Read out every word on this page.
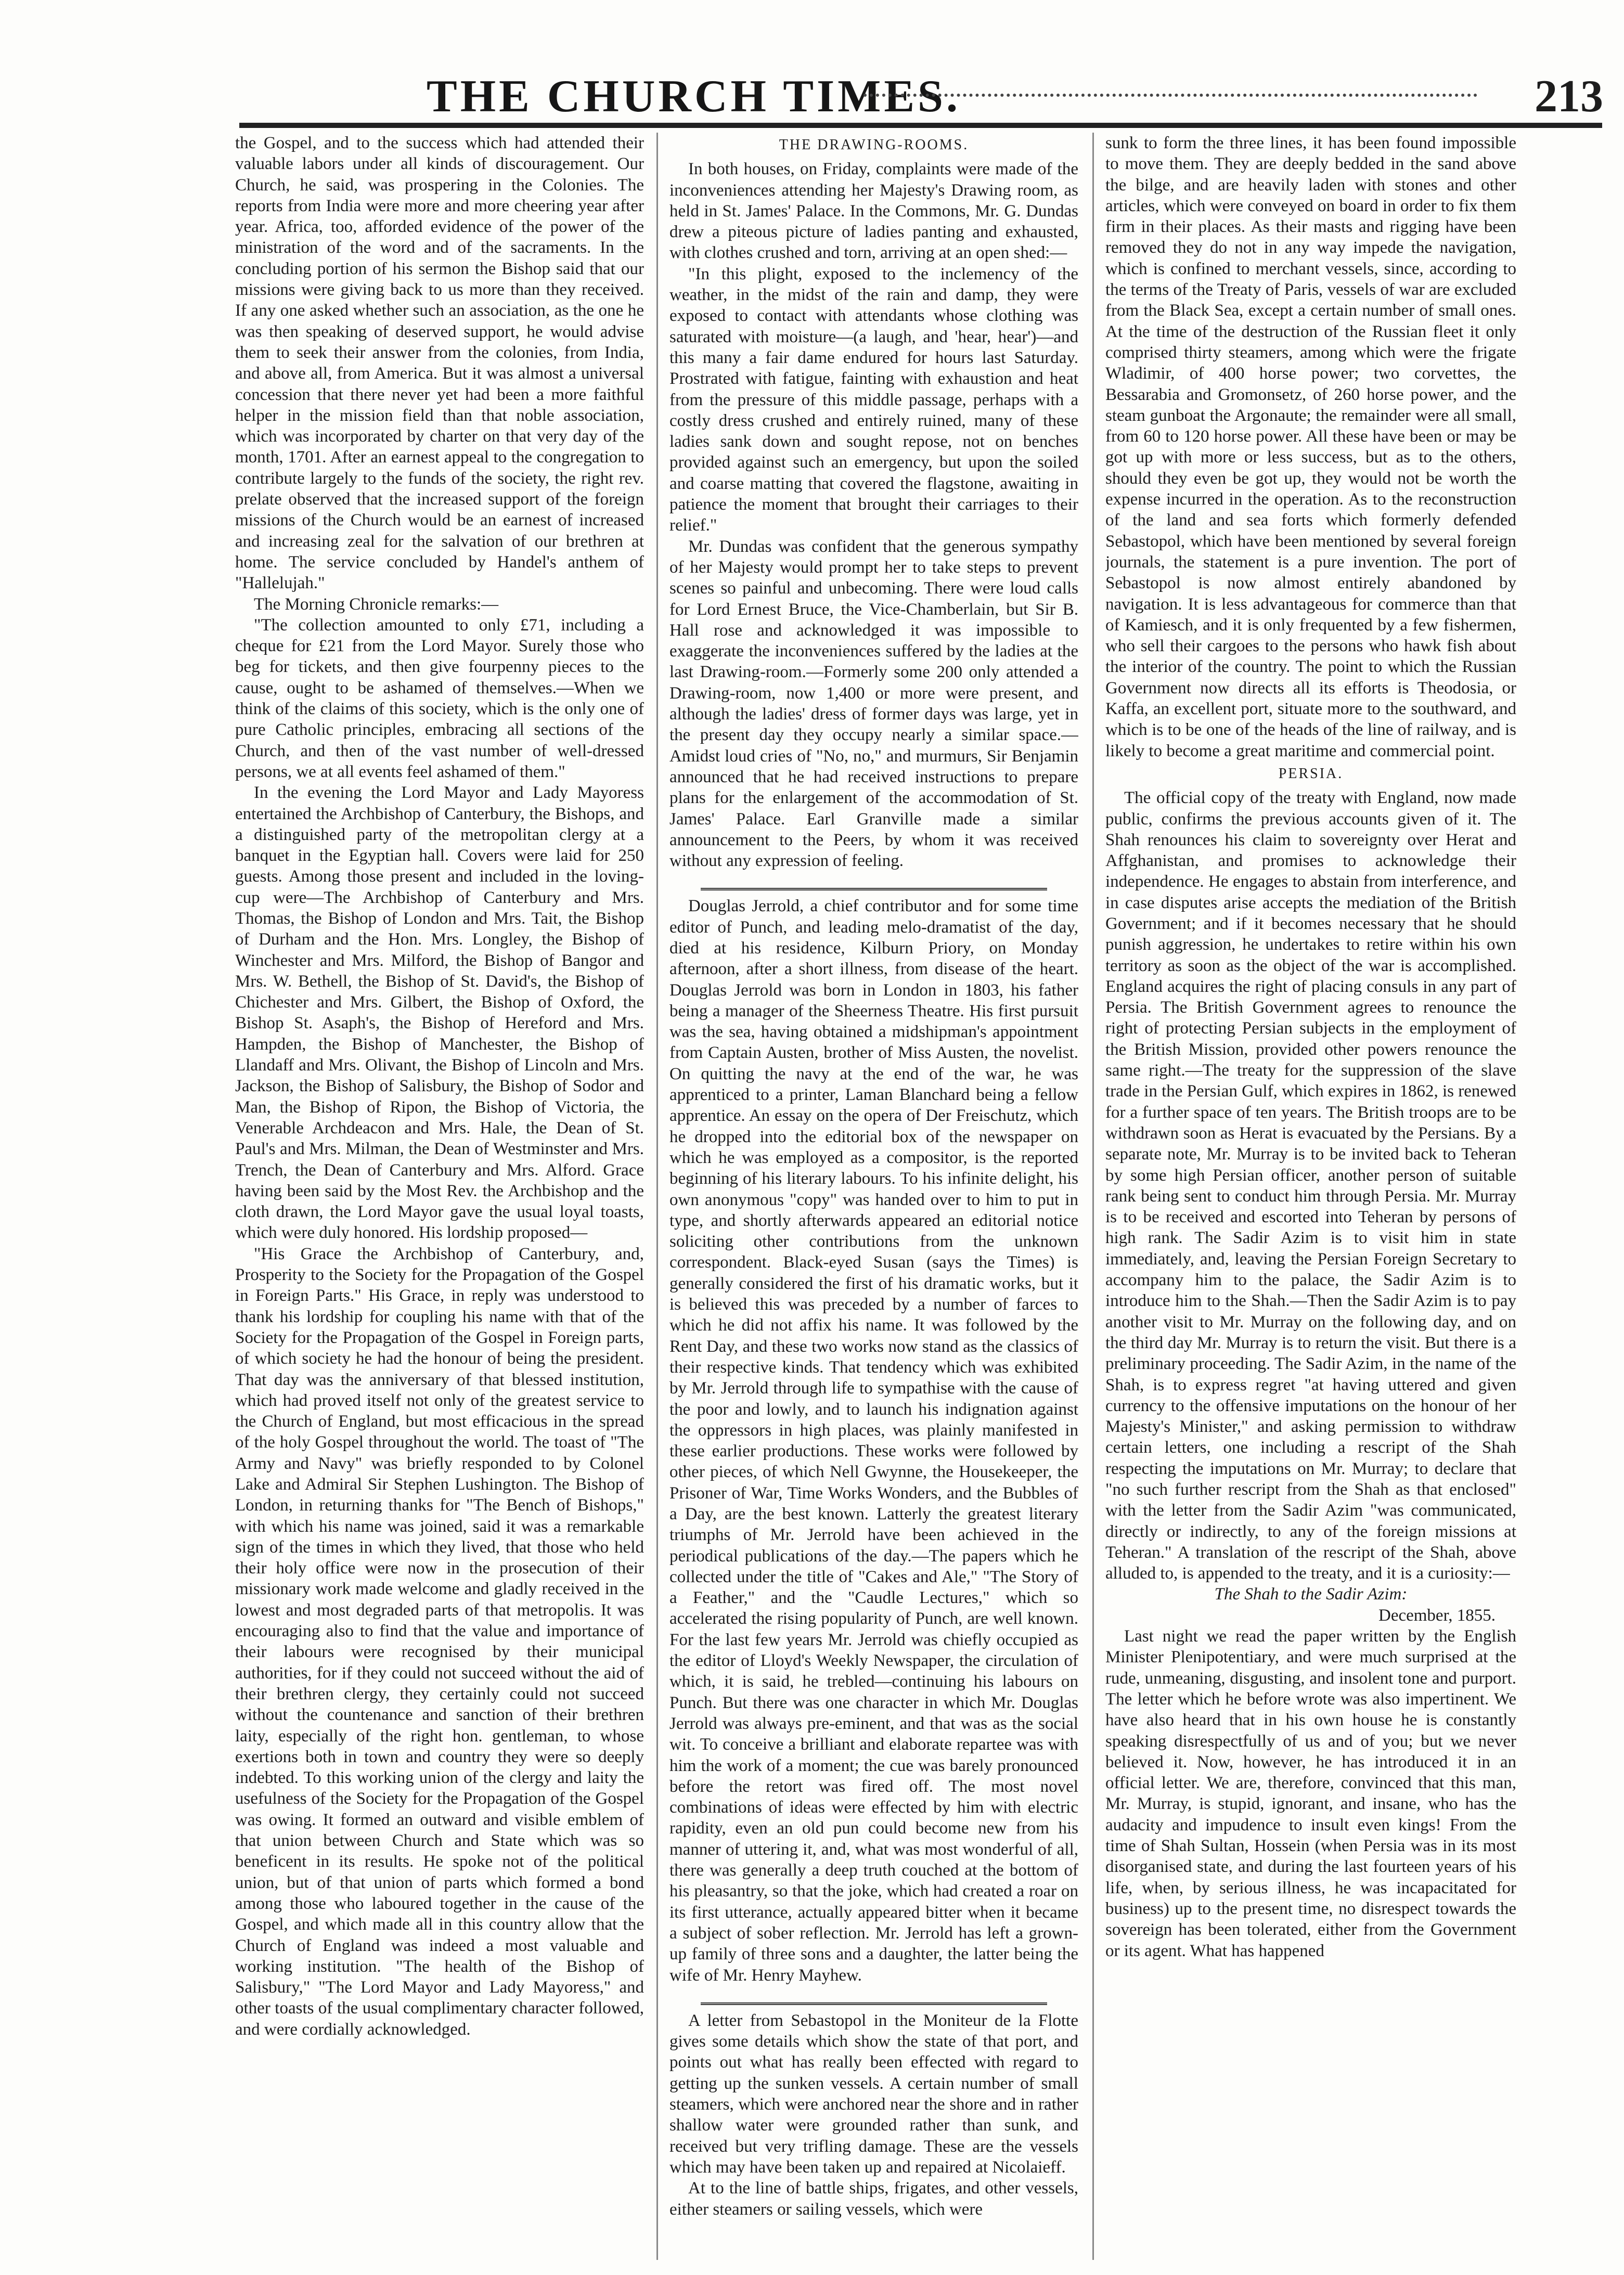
THE CHURCH TIMES.	213

the Gospel, and to the success which had attended their valuable labors under all kinds of discouragement. Our Church, he said, was prospering in the Colonies. The reports from India were more and more cheering year after year. Africa, too, afforded evidence of the power of the ministration of the word and of the sacraments. In the concluding portion of his sermon the Bishop said that our missions were giving back to us more than they received. If any one asked whether such an association, as the one he was then speaking of deserved support, he would advise them to seek their answer from the colonies, from India, and above all, from America. But it was almost a universal concession that there never yet had been a more faithful helper in the mission field than that noble association, which was incorporated by charter on that very day of the month, 1701. After an earnest appeal to the congregation to contribute largely to the funds of the society, the right rev. prelate observed that the increased support of the foreign missions of the Church would be an earnest of increased and increasing zeal for the salvation of our brethren at home. The service concluded by Handel's anthem of "Hallelujah."

The Morning Chronicle remarks:—

"The collection amounted to only £71, including a cheque for £21 from the Lord Mayor. Surely those who beg for tickets, and then give fourpenny pieces to the cause, ought to be ashamed of themselves.—When we think of the claims of this society, which is the only one of pure Catholic principles, embracing all sections of the Church, and then of the vast number of well-dressed persons, we at all events feel ashamed of them."

In the evening the Lord Mayor and Lady Mayoress entertained the Archbishop of Canterbury, the Bishops, and a distinguished party of the metropolitan clergy at a banquet in the Egyptian hall. Covers were laid for 250 guests. Among those present and included in the loving-cup were—The Archbishop of Canterbury and Mrs. Thomas, the Bishop of London and Mrs. Tait, the Bishop of Durham and the Hon. Mrs. Longley, the Bishop of Winchester and Mrs. Milford, the Bishop of Bangor and Mrs. W. Bethell, the Bishop of St. David's, the Bishop of Chichester and Mrs. Gilbert, the Bishop of Oxford, the Bishop St. Asaph's, the Bishop of Hereford and Mrs. Hampden, the Bishop of Manchester, the Bishop of Llandaff and Mrs. Olivant, the Bishop of Lincoln and Mrs. Jackson, the Bishop of Salisbury, the Bishop of Sodor and Man, the Bishop of Ripon, the Bishop of Victoria, the Venerable Archdeacon and Mrs. Hale, the Dean of St. Paul's and Mrs. Milman, the Dean of Westminster and Mrs. Trench, the Dean of Canterbury and Mrs. Alford. Grace having been said by the Most Rev. the Archbishop and the cloth drawn, the Lord Mayor gave the usual loyal toasts, which were duly honored. His lordship proposed—

"His Grace the Archbishop of Canterbury, and, Prosperity to the Society for the Propagation of the Gospel in Foreign Parts." His Grace, in reply was understood to thank his lordship for coupling his name with that of the Society for the Propagation of the Gospel in Foreign parts, of which society he had the honour of being the president. That day was the anniversary of that blessed institution, which had proved itself not only of the greatest service to the Church of England, but most efficacious in the spread of the holy Gospel throughout the world. The toast of "The Army and Navy" was briefly responded to by Colonel Lake and Admiral Sir Stephen Lushington. The Bishop of London, in returning thanks for "The Bench of Bishops," with which his name was joined, said it was a remarkable sign of the times in which they lived, that those who held their holy office were now in the prosecution of their missionary work made welcome and gladly received in the lowest and most degraded parts of that metropolis. It was encouraging also to find that the value and importance of their labours were recognised by their municipal authorities, for if they could not succeed without the aid of their brethren clergy, they certainly could not succeed without the countenance and sanction of their brethren laity, especially of the right hon. gentleman, to whose exertions both in town and country they were so deeply indebted. To this working union of the clergy and laity the usefulness of the Society for the Propagation of the Gospel was owing. It formed an outward and visible emblem of that union between Church and State which was so beneficent in its results. He spoke not of the political union, but of that union of parts which formed a bond among those who laboured together in the cause of the Gospel, and which made all in this country allow that the Church of England was indeed a most valuable and working institution. "The health of the Bishop of Salisbury," "The Lord Mayor and Lady Mayoress," and other toasts of the usual complimentary character followed, and were cordially acknowledged.

THE DRAWING-ROOMS.

In both houses, on Friday, complaints were made of the inconveniences attending her Majesty's Drawing room, as held in St. James' Palace. In the Commons, Mr. G. Dundas drew a piteous picture of ladies panting and exhausted, with clothes crushed and torn, arriving at an open shed:—

"In this plight, exposed to the inclemency of the weather, in the midst of the rain and damp, they were exposed to contact with attendants whose clothing was saturated with moisture—(a laugh, and 'hear, hear')—and this many a fair dame endured for hours last Saturday. Prostrated with fatigue, fainting with exhaustion and heat from the pressure of this middle passage, perhaps with a costly dress crushed and entirely ruined, many of these ladies sank down and sought repose, not on benches provided against such an emergency, but upon the soiled and coarse matting that covered the flagstone, awaiting in patience the moment that brought their carriages to their relief."

Mr. Dundas was confident that the generous sympathy of her Majesty would prompt her to take steps to prevent scenes so painful and unbecoming. There were loud calls for Lord Ernest Bruce, the Vice-Chamberlain, but Sir B. Hall rose and acknowledged it was impossible to exaggerate the inconveniences suffered by the ladies at the last Drawing-room.—Formerly some 200 only attended a Drawing-room, now 1,400 or more were present, and although the ladies' dress of former days was large, yet in the present day they occupy nearly a similar space.—Amidst loud cries of "No, no," and murmurs, Sir Benjamin announced that he had received instructions to prepare plans for the enlargement of the accommodation of St. James' Palace. Earl Granville made a similar announcement to the Peers, by whom it was received without any expression of feeling.

Douglas Jerrold, a chief contributor and for some time editor of Punch, and leading melo-dramatist of the day, died at his residence, Kilburn Priory, on Monday afternoon, after a short illness, from disease of the heart. Douglas Jerrold was born in London in 1803, his father being a manager of the Sheerness Theatre. His first pursuit was the sea, having obtained a midshipman's appointment from Captain Austen, brother of Miss Austen, the novelist. On quitting the navy at the end of the war, he was apprenticed to a printer, Laman Blanchard being a fellow apprentice. An essay on the opera of Der Freischutz, which he dropped into the editorial box of the newspaper on which he was employed as a compositor, is the reported beginning of his literary labours. To his infinite delight, his own anonymous "copy" was handed over to him to put in type, and shortly afterwards appeared an editorial notice soliciting other contributions from the unknown correspondent. Black-eyed Susan (says the Times) is generally considered the first of his dramatic works, but it is believed this was preceded by a number of farces to which he did not affix his name. It was followed by the Rent Day, and these two works now stand as the classics of their respective kinds. That tendency which was exhibited by Mr. Jerrold through life to sympathise with the cause of the poor and lowly, and to launch his indignation against the oppressors in high places, was plainly manifested in these earlier productions. These works were followed by other pieces, of which Nell Gwynne, the Housekeeper, the Prisoner of War, Time Works Wonders, and the Bubbles of a Day, are the best known. Latterly the greatest literary triumphs of Mr. Jerrold have been achieved in the periodical publications of the day.—The papers which he collected under the title of "Cakes and Ale," "The Story of a Feather," and the "Caudle Lectures," which so accelerated the rising popularity of Punch, are well known. For the last few years Mr. Jerrold was chiefly occupied as the editor of Lloyd's Weekly Newspaper, the circulation of which, it is said, he trebled—continuing his labours on Punch. But there was one character in which Mr. Douglas Jerrold was always pre-eminent, and that was as the social wit. To conceive a brilliant and elaborate repartee was with him the work of a moment; the cue was barely pronounced before the retort was fired off. The most novel combinations of ideas were effected by him with electric rapidity, even an old pun could become new from his manner of uttering it, and, what was most wonderful of all, there was generally a deep truth couched at the bottom of his pleasantry, so that the joke, which had created a roar on its first utterance, actually appeared bitter when it became a subject of sober reflection. Mr. Jerrold has left a grown-up family of three sons and a daughter, the latter being the wife of Mr. Henry Mayhew.

A letter from Sebastopol in the Moniteur de la Flotte gives some details which show the state of that port, and points out what has really been effected with regard to getting up the sunken vessels. A certain number of small steamers, which were anchored near the shore and in rather shallow water were grounded rather than sunk, and received but very trifling damage. These are the vessels which may have been taken up and repaired at Nicolaieff.

At to the line of battle ships, frigates, and other vessels, either steamers or sailing vessels, which were

sunk to form the three lines, it has been found impossible to move them. They are deeply bedded in the sand above the bilge, and are heavily laden with stones and other articles, which were conveyed on board in order to fix them firm in their places. As their masts and rigging have been removed they do not in any way impede the navigation, which is confined to merchant vessels, since, according to the terms of the Treaty of Paris, vessels of war are excluded from the Black Sea, except a certain number of small ones. At the time of the destruction of the Russian fleet it only comprised thirty steamers, among which were the frigate Wladimir, of 400 horse power; two corvettes, the Bessarabia and Gromonsetz, of 260 horse power, and the steam gunboat the Argonaute; the remainder were all small, from 60 to 120 horse power. All these have been or may be got up with more or less success, but as to the others, should they even be got up, they would not be worth the expense incurred in the operation. As to the reconstruction of the land and sea forts which formerly defended Sebastopol, which have been mentioned by several foreign journals, the statement is a pure invention. The port of Sebastopol is now almost entirely abandoned by navigation. It is less advantageous for commerce than that of Kamiesch, and it is only frequented by a few fishermen, who sell their cargoes to the persons who hawk fish about the interior of the country. The point to which the Russian Government now directs all its efforts is Theodosia, or Kaffa, an excellent port, situate more to the southward, and which is to be one of the heads of the line of railway, and is likely to become a great maritime and commercial point.

PERSIA.

The official copy of the treaty with England, now made public, confirms the previous accounts given of it. The Shah renounces his claim to sovereignty over Herat and Affghanistan, and promises to acknowledge their independence. He engages to abstain from interference, and in case disputes arise accepts the mediation of the British Government; and if it becomes necessary that he should punish aggression, he undertakes to retire within his own territory as soon as the object of the war is accomplished. England acquires the right of placing consuls in any part of Persia. The British Government agrees to renounce the right of protecting Persian subjects in the employment of the British Mission, provided other powers renounce the same right.—The treaty for the suppression of the slave trade in the Persian Gulf, which expires in 1862, is renewed for a further space of ten years. The British troops are to be withdrawn soon as Herat is evacuated by the Persians. By a separate note, Mr. Murray is to be invited back to Teheran by some high Persian officer, another person of suitable rank being sent to conduct him through Persia. Mr. Murray is to be received and escorted into Teheran by persons of high rank. The Sadir Azim is to visit him in state immediately, and, leaving the Persian Foreign Secretary to accompany him to the palace, the Sadir Azim is to introduce him to the Shah.—Then the Sadir Azim is to pay another visit to Mr. Murray on the following day, and on the third day Mr. Murray is to return the visit. But there is a preliminary proceeding. The Sadir Azim, in the name of the Shah, is to express regret "at having uttered and given currency to the offensive imputations on the honour of her Majesty's Minister," and asking permission to withdraw certain letters, one including a rescript of the Shah respecting the imputations on Mr. Murray; to declare that "no such further rescript from the Shah as that enclosed" with the letter from the Sadir Azim "was communicated, directly or indirectly, to any of the foreign missions at Teheran." A translation of the rescript of the Shah, above alluded to, is appended to the treaty, and it is a curiosity:—

The Shah to the Sadir Azim:

December, 1855.

Last night we read the paper written by the English Minister Plenipotentiary, and were much surprised at the rude, unmeaning, disgusting, and insolent tone and purport. The letter which he before wrote was also impertinent. We have also heard that in his own house he is constantly speaking disrespectfully of us and of you; but we never believed it. Now, however, he has introduced it in an official letter. We are, therefore, convinced that this man, Mr. Murray, is stupid, ignorant, and insane, who has the audacity and impudence to insult even kings! From the time of Shah Sultan, Hossein (when Persia was in its most disorganised state, and during the last fourteen years of his life, when, by serious illness, he was incapacitated for business) up to the present time, no disrespect towards the sovereign has been tolerated, either from the Government or its agent. What has happened
